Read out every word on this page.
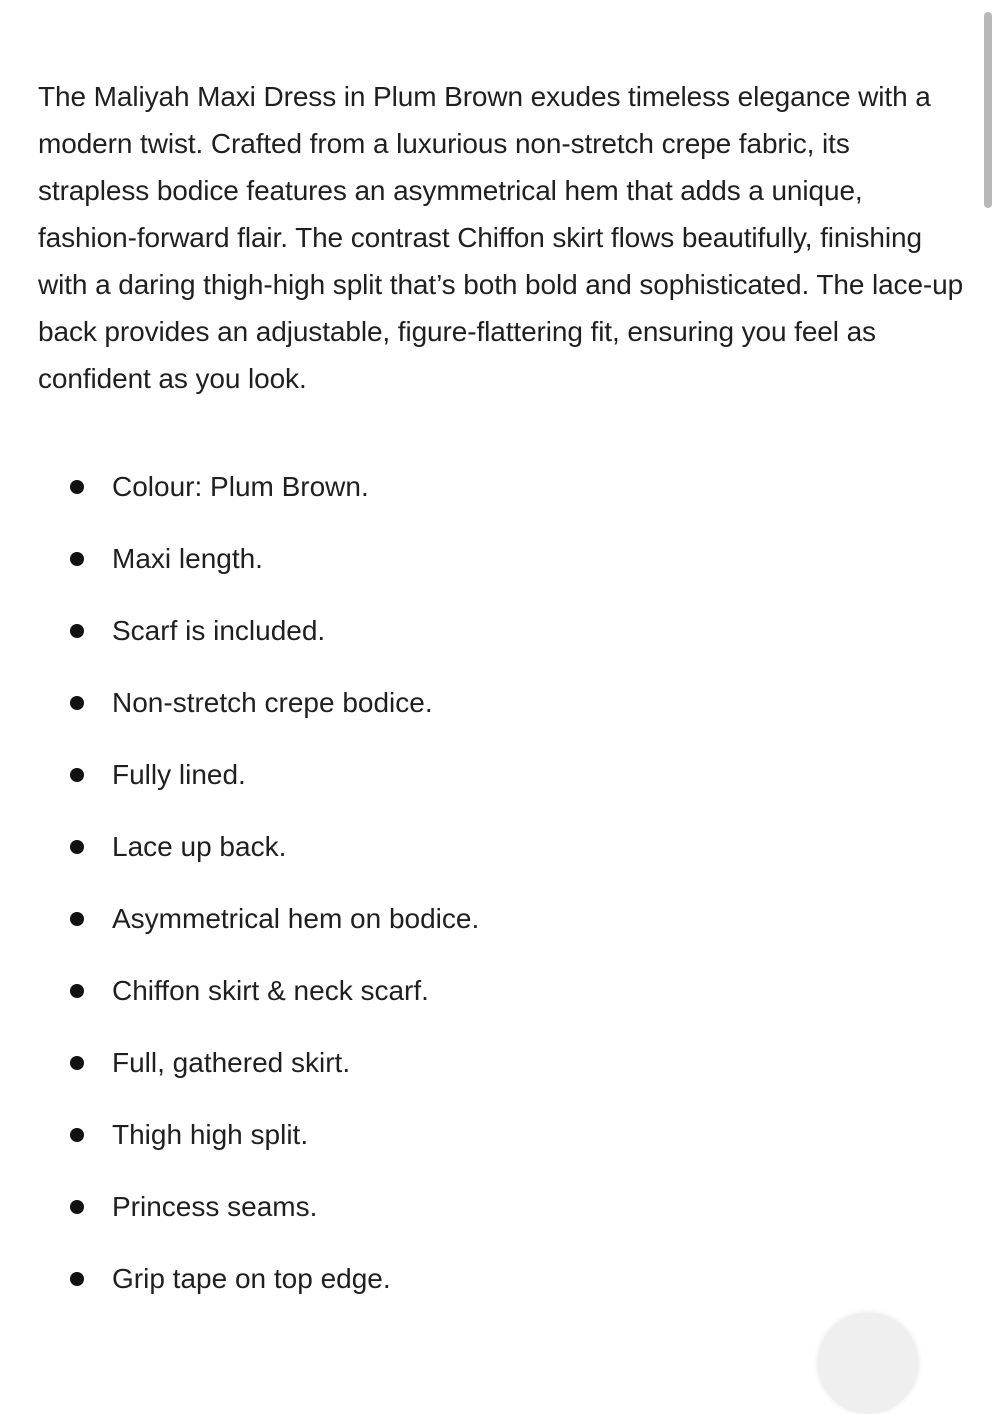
The Maliyah Maxi Dress in Plum Brown exudes timeless elegance with a modern twist. Crafted from a luxurious non-stretch crepe fabric, its strapless bodice features an asymmetrical hem that adds a unique, fashion-forward flair. The contrast Chiffon skirt flows beautifully, finishing with a daring thigh-high split that’s both bold and sophisticated. The lace-up back provides an adjustable, figure-flattering fit, ensuring you feel as confident as you look.

Colour: Plum Brown.
Maxi length.
Scarf is included.
Non-stretch crepe bodice.
Fully lined.
Lace up back.
Asymmetrical hem on bodice.
Chiffon skirt & neck scarf.
Full, gathered skirt.
Thigh high split.
Princess seams.
Grip tape on top edge.
